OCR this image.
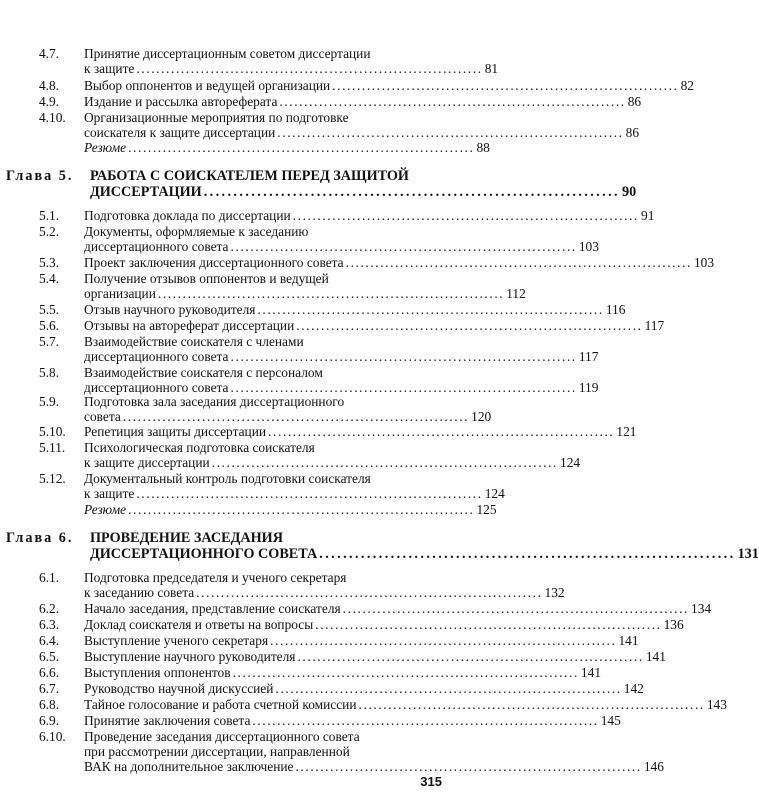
4.7. Принятие диссертационным советом диссертации
к защите ...................................................................... 81
4.8. Выбор оппонентов и ведущей организации ...................................................................... 82
4.9. Издание и рассылка автореферата ...................................................................... 86
4.10. Организационные мероприятия по подготовке
соискателя к защите диссертации ...................................................................... 86
Резюме ...................................................................... 88
Глава 5. РАБОТА С СОИСКАТЕЛЕМ ПЕРЕД ЗАЩИТОЙ
ДИССЕРТАЦИИ ...................................................................... 90
5.1. Подготовка доклада по диссертации ...................................................................... 91
5.2. Документы, оформляемые к заседанию
диссертационного совета ...................................................................... 103
5.3. Проект заключения диссертационного совета ...................................................................... 103
5.4. Получение отзывов оппонентов и ведущей
организации ...................................................................... 112
5.5. Отзыв научного руководителя ...................................................................... 116
5.6. Отзывы на автореферат диссертации ...................................................................... 117
5.7. Взаимодействие соискателя с членами
диссертационного совета ...................................................................... 117
5.8. Взаимодействие соискателя с персоналом
диссертационного совета ...................................................................... 119
5.9. Подготовка зала заседания диссертационного
совета ...................................................................... 120
5.10. Репетиция защиты диссертации ...................................................................... 121
5.11. Психологическая подготовка соискателя
к защите диссертации ...................................................................... 124
5.12. Документальный контроль подготовки соискателя
к защите ...................................................................... 124
Резюме ...................................................................... 125
Глава 6. ПРОВЕДЕНИЕ ЗАСЕДАНИЯ
ДИССЕРТАЦИОННОГО СОВЕТА ...................................................................... 131
6.1. Подготовка председателя и ученого секретаря
к заседанию совета ...................................................................... 132
6.2. Начало заседания, представление соискателя ...................................................................... 134
6.3. Доклад соискателя и ответы на вопросы ...................................................................... 136
6.4. Выступление ученого секретаря ...................................................................... 141
6.5. Выступление научного руководителя ...................................................................... 141
6.6. Выступления оппонентов ...................................................................... 141
6.7. Руководство научной дискуссией ...................................................................... 142
6.8. Тайное голосование и работа счетной комиссии ...................................................................... 143
6.9. Принятие заключения совета ...................................................................... 145
6.10. Проведение заседания диссертационного совета
при рассмотрении диссертации, направленной
ВАК на дополнительное заключение ...................................................................... 146
315
